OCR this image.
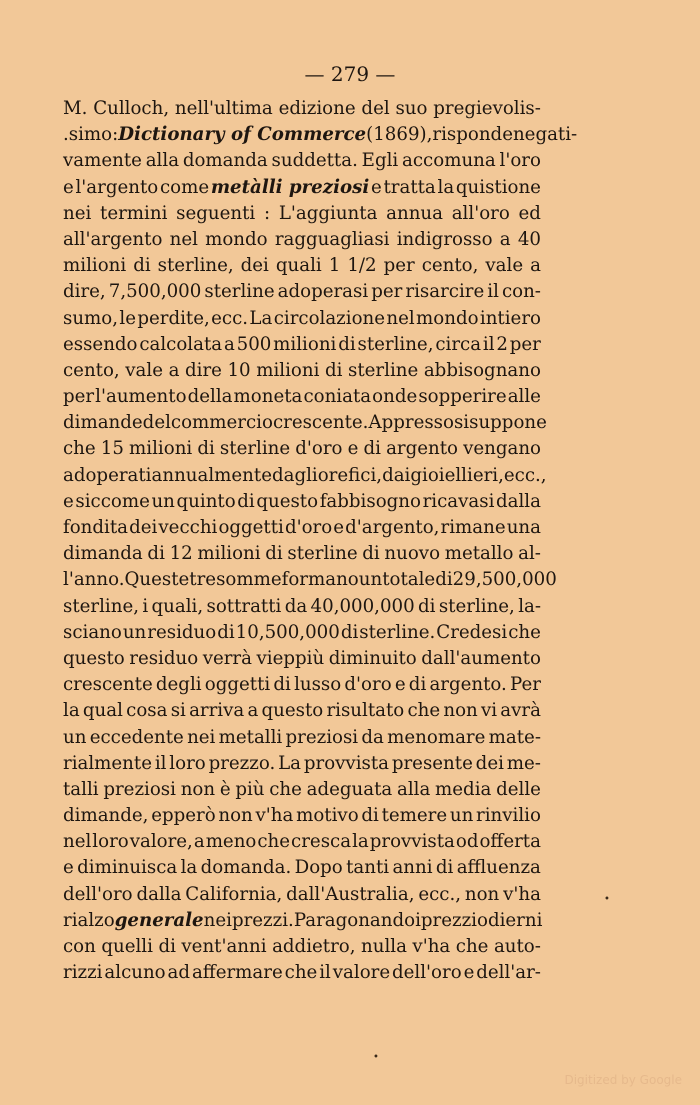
— 279 —
M. Culloch, nell'ultima edizione del suo pregievolis-
.simo: Dictionary of Commerce (1869), risponde negati-
vamente alla domanda suddetta. Egli accomuna l'oro
e l'argento come metàlli preziosi e tratta la quistione
nei termini seguenti : L'aggiunta annua all'oro ed
all'argento nel mondo ragguagliasi indigrosso a 40
milioni di sterline, dei quali 1 1/2 per cento, vale a
dire, 7,500,000 sterline adoperasi per risarcire il con-
sumo, le perdite, ecc. La circolazione nel mondo intiero
essendo calcolata a 500 milioni di sterline, circa il 2 per
cento, vale a dire 10 milioni di sterline abbisognano
per l'aumento della moneta coniata onde sopperire alle
dimande del commercio crescente. Appresso si suppone
che 15 milioni di sterline d'oro e di argento vengano
adoperati annualmente dagli orefici, dai gioiellieri, ecc.,
e siccome un quinto di questo fabbisogno ricavasi dalla
fondita dei vecchi oggetti d'oro e d'argento, rimane una
dimanda di 12 milioni di sterline di nuovo metallo al-
l'anno. Queste tre somme formano un totale di 29,500,000
sterline, i quali, sottratti da 40,000,000 di sterline, la-
sciano un residuo di 10,500,000 di sterline. Credesi che
questo residuo verrà vieppiù diminuito dall'aumento
crescente degli oggetti di lusso d'oro e di argento. Per
la qual cosa si arriva a questo risultato che non vi avrà
un eccedente nei metalli preziosi da menomare mate-
rialmente il loro prezzo. La provvista presente dei me-
talli preziosi non è più che adeguata alla media delle
dimande, epperò non v'ha motivo di temere un rinvilio
nel loro valore, a meno che cresca la provvista od offerta
e diminuisca la domanda. Dopo tanti anni di affluenza
dell'oro dalla California, dall'Australia, ecc., non v'ha
rialzo generale nei prezzi. Paragonando i prezzi odierni
con quelli di vent'anni addietro, nulla v'ha che auto-
rizzi alcuno ad affermare che il valore dell'oro e dell'ar-
•
•
Digitized by Google
